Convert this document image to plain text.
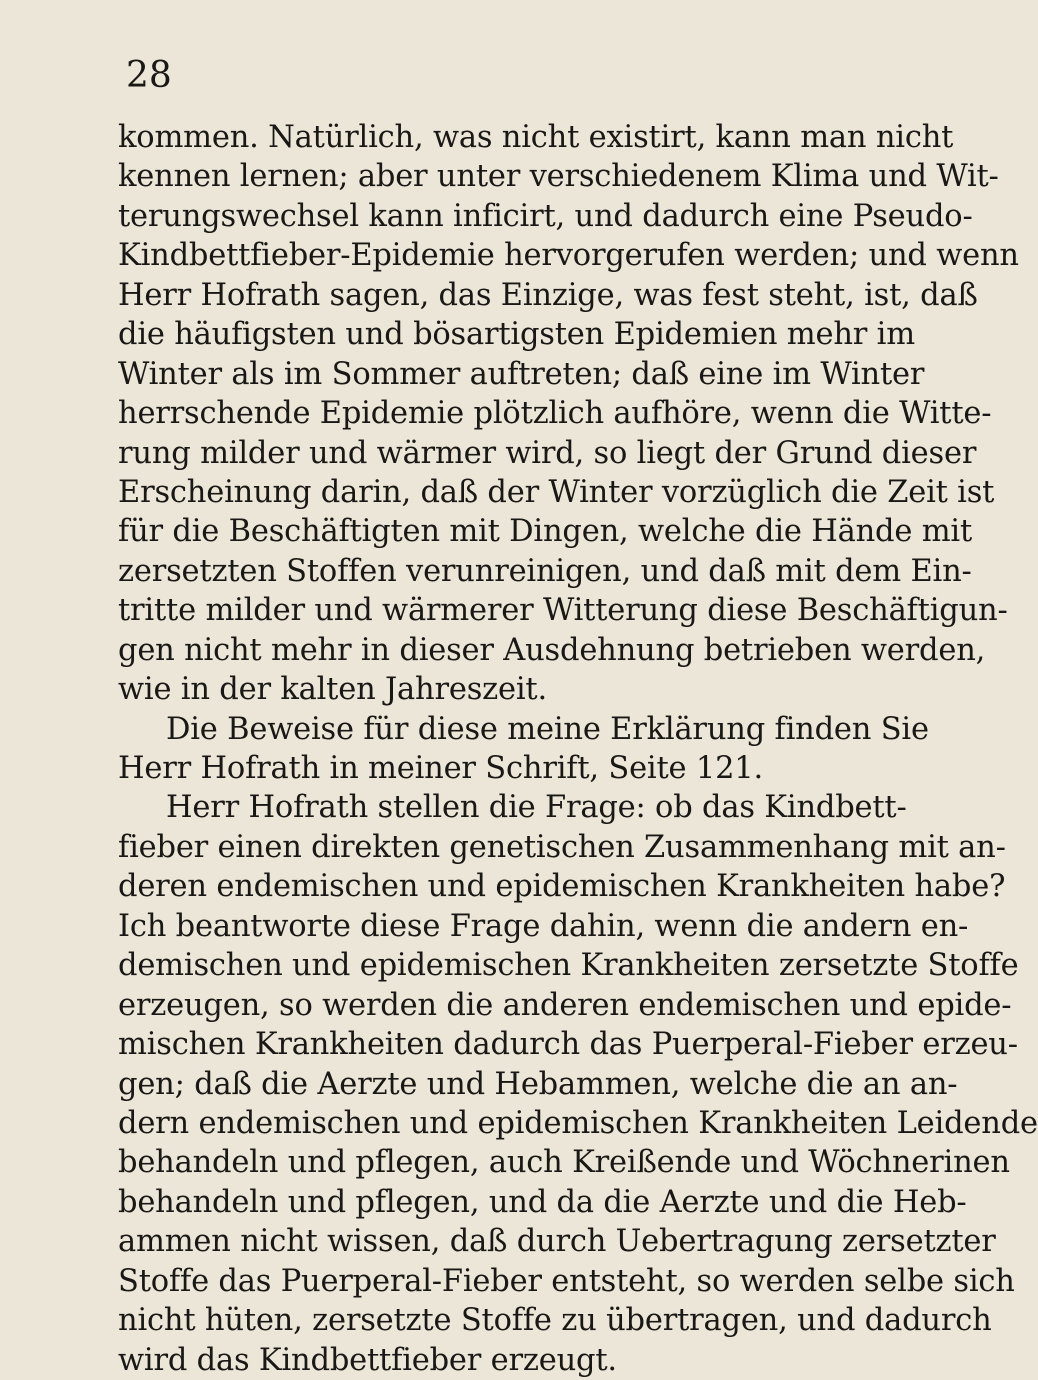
28
kommen. Natürlich, was nicht existirt, kann man nicht
kennen lernen; aber unter verschiedenem Klima und Wit-
terungswechsel kann inficirt, und dadurch eine Pseudo-
Kindbettfieber-Epidemie hervorgerufen werden; und wenn
Herr Hofrath sagen, das Einzige, was fest steht, ist, daß
die häufigsten und bösartigsten Epidemien mehr im
Winter als im Sommer auftreten; daß eine im Winter
herrschende Epidemie plötzlich aufhöre, wenn die Witte-
rung milder und wärmer wird, so liegt der Grund dieser
Erscheinung darin, daß der Winter vorzüglich die Zeit ist
für die Beschäftigten mit Dingen, welche die Hände mit
zersetzten Stoffen verunreinigen, und daß mit dem Ein-
tritte milder und wärmerer Witterung diese Beschäftigun-
gen nicht mehr in dieser Ausdehnung betrieben werden,
wie in der kalten Jahreszeit.
Die Beweise für diese meine Erklärung finden Sie
Herr Hofrath in meiner Schrift, Seite 121.
Herr Hofrath stellen die Frage: ob das Kindbett-
fieber einen direkten genetischen Zusammenhang mit an-
deren endemischen und epidemischen Krankheiten habe?
Ich beantworte diese Frage dahin, wenn die andern en-
demischen und epidemischen Krankheiten zersetzte Stoffe
erzeugen, so werden die anderen endemischen und epide-
mischen Krankheiten dadurch das Puerperal-Fieber erzeu-
gen; daß die Aerzte und Hebammen, welche die an an-
dern endemischen und epidemischen Krankheiten Leidende
behandeln und pflegen, auch Kreißende und Wöchnerinen
behandeln und pflegen, und da die Aerzte und die Heb-
ammen nicht wissen, daß durch Uebertragung zersetzter
Stoffe das Puerperal-Fieber entsteht, so werden selbe sich
nicht hüten, zersetzte Stoffe zu übertragen, und dadurch
wird das Kindbettfieber erzeugt.
